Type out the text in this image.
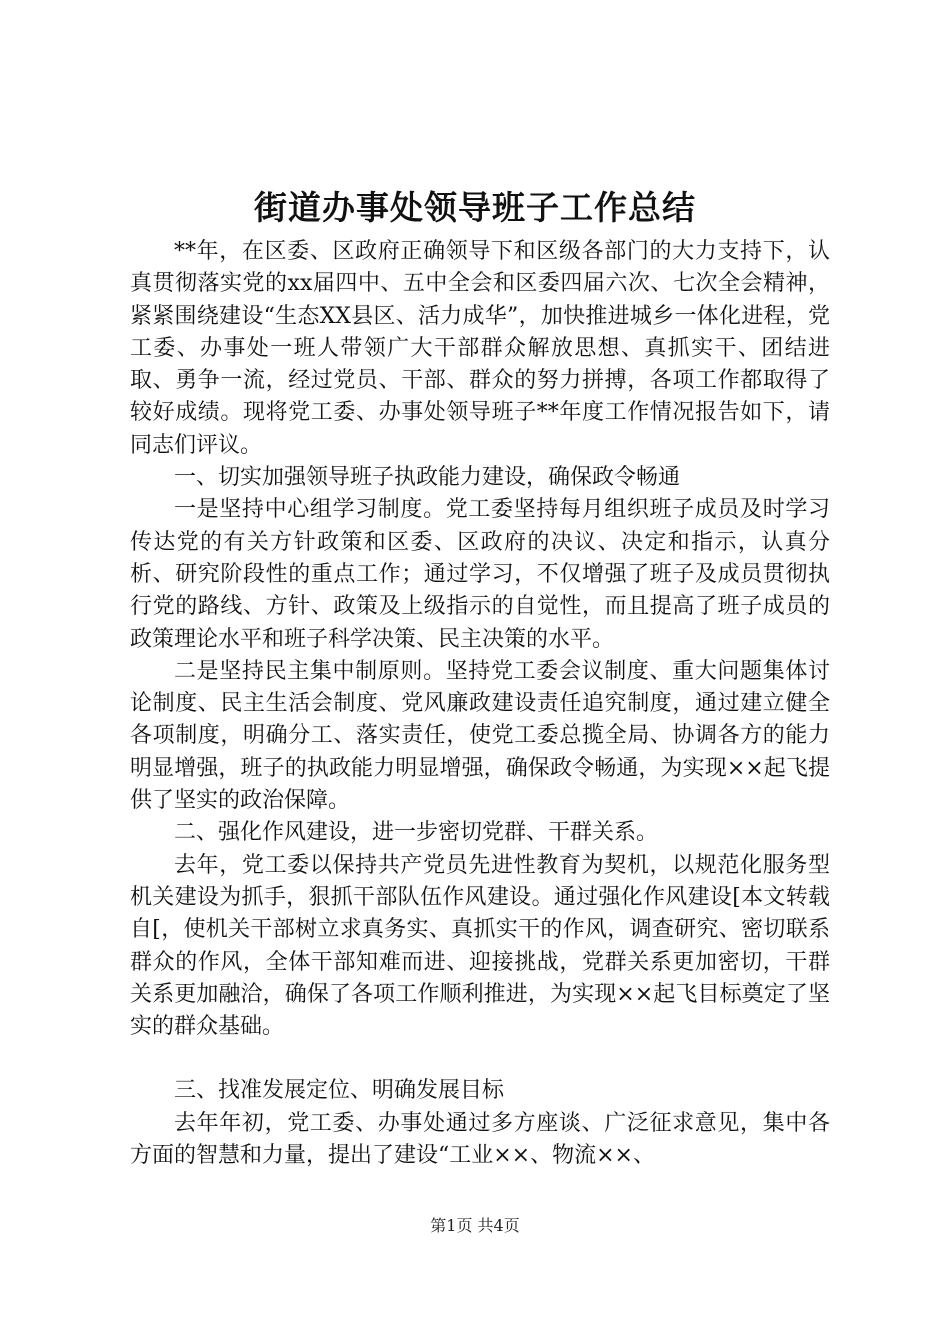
街道办事处领导班子工作总结

**年，在区委、区政府正确领导下和区级各部门的大力支持下，认真贯彻落实党的xx届四中、五中全会和区委四届六次、七次全会精神，紧紧围绕建设“生态XX县区、活力成华”，加快推进城乡一体化进程，党工委、办事处一班人带领广大干部群众解放思想、真抓实干、团结进取、勇争一流，经过党员、干部、群众的努力拼搏，各项工作都取得了较好成绩。现将党工委、办事处领导班子**年度工作情况报告如下，请同志们评议。

一、切实加强领导班子执政能力建设，确保政令畅通

一是坚持中心组学习制度。党工委坚持每月组织班子成员及时学习传达党的有关方针政策和区委、区政府的决议、决定和指示，认真分析、研究阶段性的重点工作；通过学习，不仅增强了班子及成员贯彻执行党的路线、方针、政策及上级指示的自觉性，而且提高了班子成员的政策理论水平和班子科学决策、民主决策的水平。

二是坚持民主集中制原则。坚持党工委会议制度、重大问题集体讨论制度、民主生活会制度、党风廉政建设责任追究制度，通过建立健全各项制度，明确分工、落实责任，使党工委总揽全局、协调各方的能力明显增强，班子的执政能力明显增强，确保政令畅通，为实现××起飞提供了坚实的政治保障。

二、强化作风建设，进一步密切党群、干群关系。

去年，党工委以保持共产党员先进性教育为契机，以规范化服务型机关建设为抓手，狠抓干部队伍作风建设。通过强化作风建设[本文转载自[，使机关干部树立求真务实、真抓实干的作风，调查研究、密切联系群众的作风，全体干部知难而进、迎接挑战，党群关系更加密切，干群关系更加融洽，确保了各项工作顺利推进，为实现××起飞目标奠定了坚实的群众基础。

三、找准发展定位、明确发展目标

去年年初，党工委、办事处通过多方座谈、广泛征求意见，集中各方面的智慧和力量，提出了建设“工业××、物流××、

第1页 共4页
